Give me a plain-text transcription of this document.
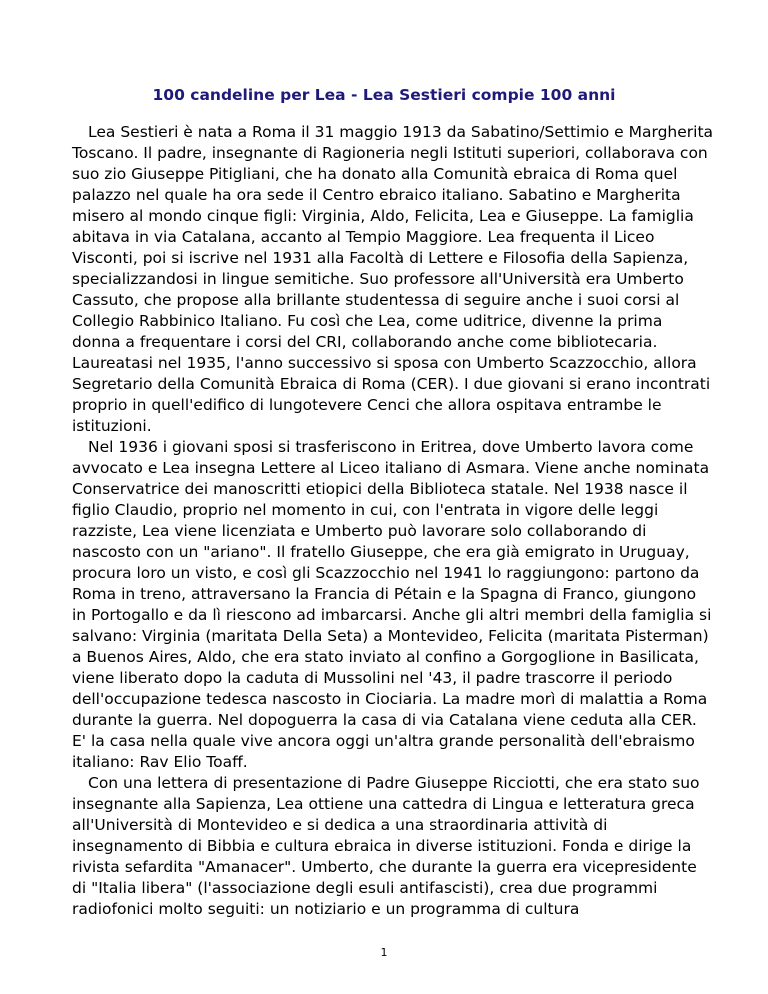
100 candeline per Lea - Lea Sestieri compie 100 anni

Lea Sestieri è nata a Roma il 31 maggio 1913 da Sabatino/Settimio e Margherita Toscano. Il padre, insegnante di Ragioneria negli Istituti superiori, collaborava con suo zio Giuseppe Pitigliani, che ha donato alla Comunità ebraica di Roma quel palazzo nel quale ha ora sede il Centro ebraico italiano. Sabatino e Margherita misero al mondo cinque figli: Virginia, Aldo, Felicita, Lea e Giuseppe. La famiglia abitava in via Catalana, accanto al Tempio Maggiore. Lea frequenta il Liceo Visconti, poi si iscrive nel 1931 alla Facoltà di Lettere e Filosofia della Sapienza, specializzandosi in lingue semitiche. Suo professore all'Università era Umberto Cassuto, che propose alla brillante studentessa di seguire anche i suoi corsi al Collegio Rabbinico Italiano. Fu così che Lea, come uditrice, divenne la prima donna a frequentare i corsi del CRI, collaborando anche come bibliotecaria. Laureatasi nel 1935, l'anno successivo si sposa con Umberto Scazzocchio, allora Segretario della Comunità Ebraica di Roma (CER). I due giovani si erano incontrati proprio in quell'edifico di lungotevere Cenci che allora ospitava entrambe le istituzioni.

Nel 1936 i giovani sposi si trasferiscono in Eritrea, dove Umberto lavora come avvocato e Lea insegna Lettere al Liceo italiano di Asmara. Viene anche nominata Conservatrice dei manoscritti etiopici della Biblioteca statale. Nel 1938 nasce il figlio Claudio, proprio nel momento in cui, con l'entrata in vigore delle leggi razziste, Lea viene licenziata e Umberto può lavorare solo collaborando di nascosto con un "ariano". Il fratello Giuseppe, che era già emigrato in Uruguay, procura loro un visto, e così gli Scazzocchio nel 1941 lo raggiungono: partono da Roma in treno, attraversano la Francia di Pétain e la Spagna di Franco, giungono in Portogallo e da lì riescono ad imbarcarsi. Anche gli altri membri della famiglia si salvano: Virginia (maritata Della Seta) a Montevideo, Felicita (maritata Pisterman) a Buenos Aires, Aldo, che era stato inviato al confino a Gorgoglione in Basilicata, viene liberato dopo la caduta di Mussolini nel '43, il padre trascorre il periodo dell'occupazione tedesca nascosto in Ciociaria. La madre morì di malattia a Roma durante la guerra. Nel dopoguerra la casa di via Catalana viene ceduta alla CER. E' la casa nella quale vive ancora oggi un'altra grande personalità dell'ebraismo italiano: Rav Elio Toaff.

Con una lettera di presentazione di Padre Giuseppe Ricciotti, che era stato suo insegnante alla Sapienza, Lea ottiene una cattedra di Lingua e letteratura greca all'Università di Montevideo e si dedica a una straordinaria attività di insegnamento di Bibbia e cultura ebraica in diverse istituzioni. Fonda e dirige la rivista sefardita "Amanacer". Umberto, che durante la guerra era vicepresidente di "Italia libera" (l'associazione degli esuli antifascisti), crea due programmi radiofonici molto seguiti: un notiziario e un programma di cultura

1
